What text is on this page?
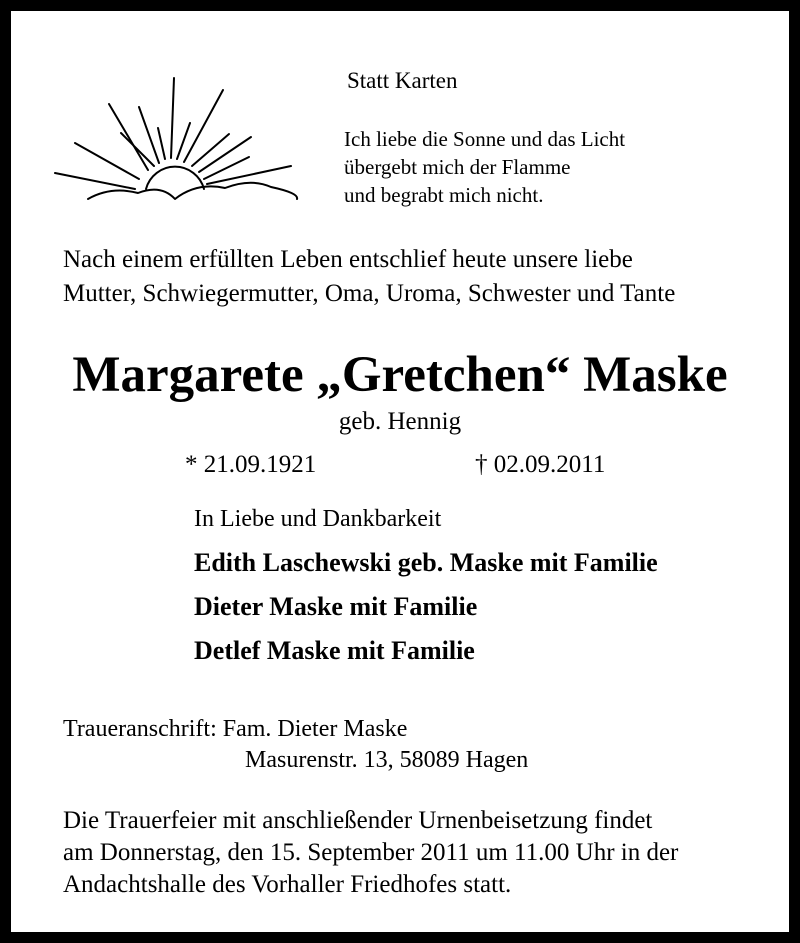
Statt Karten
Ich liebe die Sonne und das Licht
übergebt mich der Flamme
und begrabt mich nicht.
Nach einem erfüllten Leben entschlief heute unsere liebe
Mutter, Schwiegermutter, Oma, Uroma, Schwester und Tante
Margarete „Gretchen“ Maske
geb. Hennig
* 21.09.1921	† 02.09.2011
In Liebe und Dankbarkeit
Edith Laschewski geb. Maske mit Familie
Dieter Maske mit Familie
Detlef Maske mit Familie
Traueranschrift: Fam. Dieter Maske
Masurenstr. 13, 58089 Hagen
Die Trauerfeier mit anschließender Urnenbeisetzung findet
am Donnerstag, den 15. September 2011 um 11.00 Uhr in der
Andachtshalle des Vorhaller Friedhofes statt.
